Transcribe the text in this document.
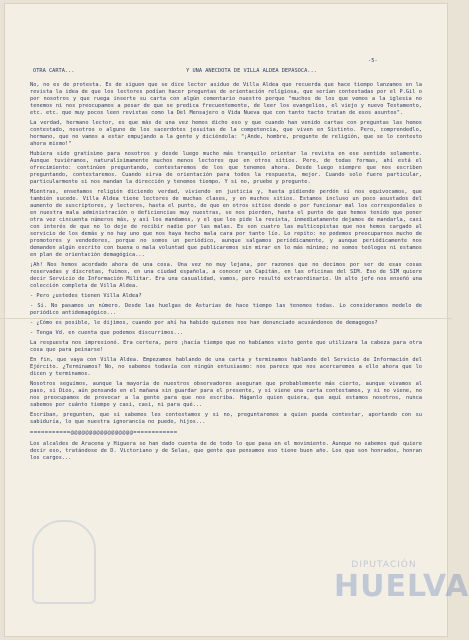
DIPUTACIÓN
HUELVA
-5-
OTRA CARTA...                                   Y UNA ANECDOTA DE VILLA ALDEA DEPASOCA...

No, no es de protesta. Es de siguen que se dice lector asiduo de Villa Aldea que recuerda que hace tiempo lanzamos en la revista la idea de que los lectores podían hacer preguntas de orientación religiosa, que serían contestadas por el P.Gil o por nosotros y que ruega inserte su carta con algún comentario nuestro porque "muchos de los que vemos a la iglesia no tenemos ni nos preocupamos a pesar de que se predica frecuentemente, de leer los evangelios, el viejo y nuevo Testamento, etc. etc. que muy pocos leen revistas como la Del Mensajero o Vida Nueva que con tanto tacto tratan de esos asuntos".

La verdad, hermano lector, es que más de una vez hemos dicho eso y que cuando han venido cartas con preguntas las hemos contestado, nosotros o alguno de los sacerdotes jesuitas de la competencia, que viven en Sistinto. Pero, comprendedlo, hermano, que no vamos a estar empujando a la gente y diciéndola: "¡Ande, hombre, pregunte de religión, que se lo contesto ahora mismo!"

Hubiera sido gratísimo para nosotros y desde luego mucho más tranquilo orientar la revista en ese sentido solamente. Aunque tuviéramos, naturalísimamente muchos menos lectores que en otros sitios. Pero, de todas formas, ahí está el ofrecimiento: continúen preguntando, contestaremos de los que tenemos ahora. Desde luego siempre que nos escriben preguntando, contestaremos. Cuando sirva de orientación para todos la respuesta, mejor. Cuando solo fuere particular, particularmente si nos mandan la dirección y tenemos tiempo. Y si no, pruebe y pregunte.

Mientras, enseñamos religión diciendo verdad, viviendo en justicia y, hasta pidiendo perdón si nos equivocamos, que también sucede. Villa Aldea tiene lectores de muchas clases, y en muchos sitios. Estamos incluso un poco asustados del aumento de suscriptores, y lectores, hasta el punto, de que en otros sitios donde o por funcionar mal los correspondales o en nuestra mala administración o deficiencias muy nuestras, se nos pierden, hasta el punto de que hemos tenido que poner otra vez cincuenta números más, y así los mandamos, y el que los pide la revista, inmediatamente dejamos de mandarla, casi con interés de que no lo deje de recibir nadie por las malas. Es son cuatro las multicopistas que nos hemos cargado al servicio de los demás y no hay uno que nos haya hecho mala cara por tanto lío. Lo repito: no podemos preocuparnos mucho de promotores y vendedores, porque no somos un periódico, aunque salgamos periódicamente, y aunque periódicamente nos demanden algún escrito con buena o mala voluntad que publicaremos sin mirar en lo más mínimo; no somos teólogos ni estamos en plan de orientación demagógica...

¡Ah! Nos hemos acordado ahora de una cosa. Una vez no muy lejana, por razones que no decimos por ser de esas cosas reservadas y discretas, fuimos, en una ciudad española, a conocer un Capitán, en las oficinas del SIM. Eso de SIM quiere decir Servicio de Información Militar. Era una casualidad, vamos, pero resultó extraordinario. Un alto jefe nos enseñó una colección completa de Villa Aldea.

- Pero ¿ustedes tienen Villa Aldea?

- Sí. No pasamos un número. Desde las huelgas de Asturias de hace tiempo las tenemos todas. Lo consideramos modelo de periódico antidemagógico...

- ¿Cómo es posible, le dijimos, cuando por ahí ha habido quienes nos han denunciado acusándonos de demagogos?

- Tenga Vd. en cuenta que podemos discurrimos...

La respuesta nos impresionó. Era certera, pero ¡hacía tiempo que no habíamos visto gente que utilizara la cabeza para otra cosa que para peinarse!

En fin, que vaya con Villa Aldea. Empezamos hablando de una carta y terminamos hablando del Servicio de Información del Ejército. ¿Terminamos? No, no sabemos todavía con ningún entusiasmo: nos parece que nos acercaremos a ello ahora que lo dicen y terminamos.

Nosotros seguimos, aunque la mayoría de nuestros observadores aseguran que probablemente más cierto, aunque vivamos al paso, si Dios, aún pensando en el mañana sin guardar para el presente, y si viene una carta contestamos, y si no viene, no nos preocupamos de provocar a la gente para que nos escriba. Háganlo quien quiera, que aquí estamos nosotros, nunca sabemos por cuánto tiempo y casi, casi, ni para qué...

Escriban, pregunten, que si sabemos les contestamos y si no, preguntaremos a quien pueda contestar, aportando con su sabiduría, lo que nuestra ignorancia no puede, hijos...

===========@@@@@@@@@@@@@@@@@============

Los alcaldes de Aracena y Higuera se han dado cuenta de de todo lo que pasa en el movimiento. Aunque no sabemos qué quiere decir eso, tratándose de D. Victoriano y de Selas, que gente que pensamos eso tiene buen año. Los que son honrados, honran los cargos...
